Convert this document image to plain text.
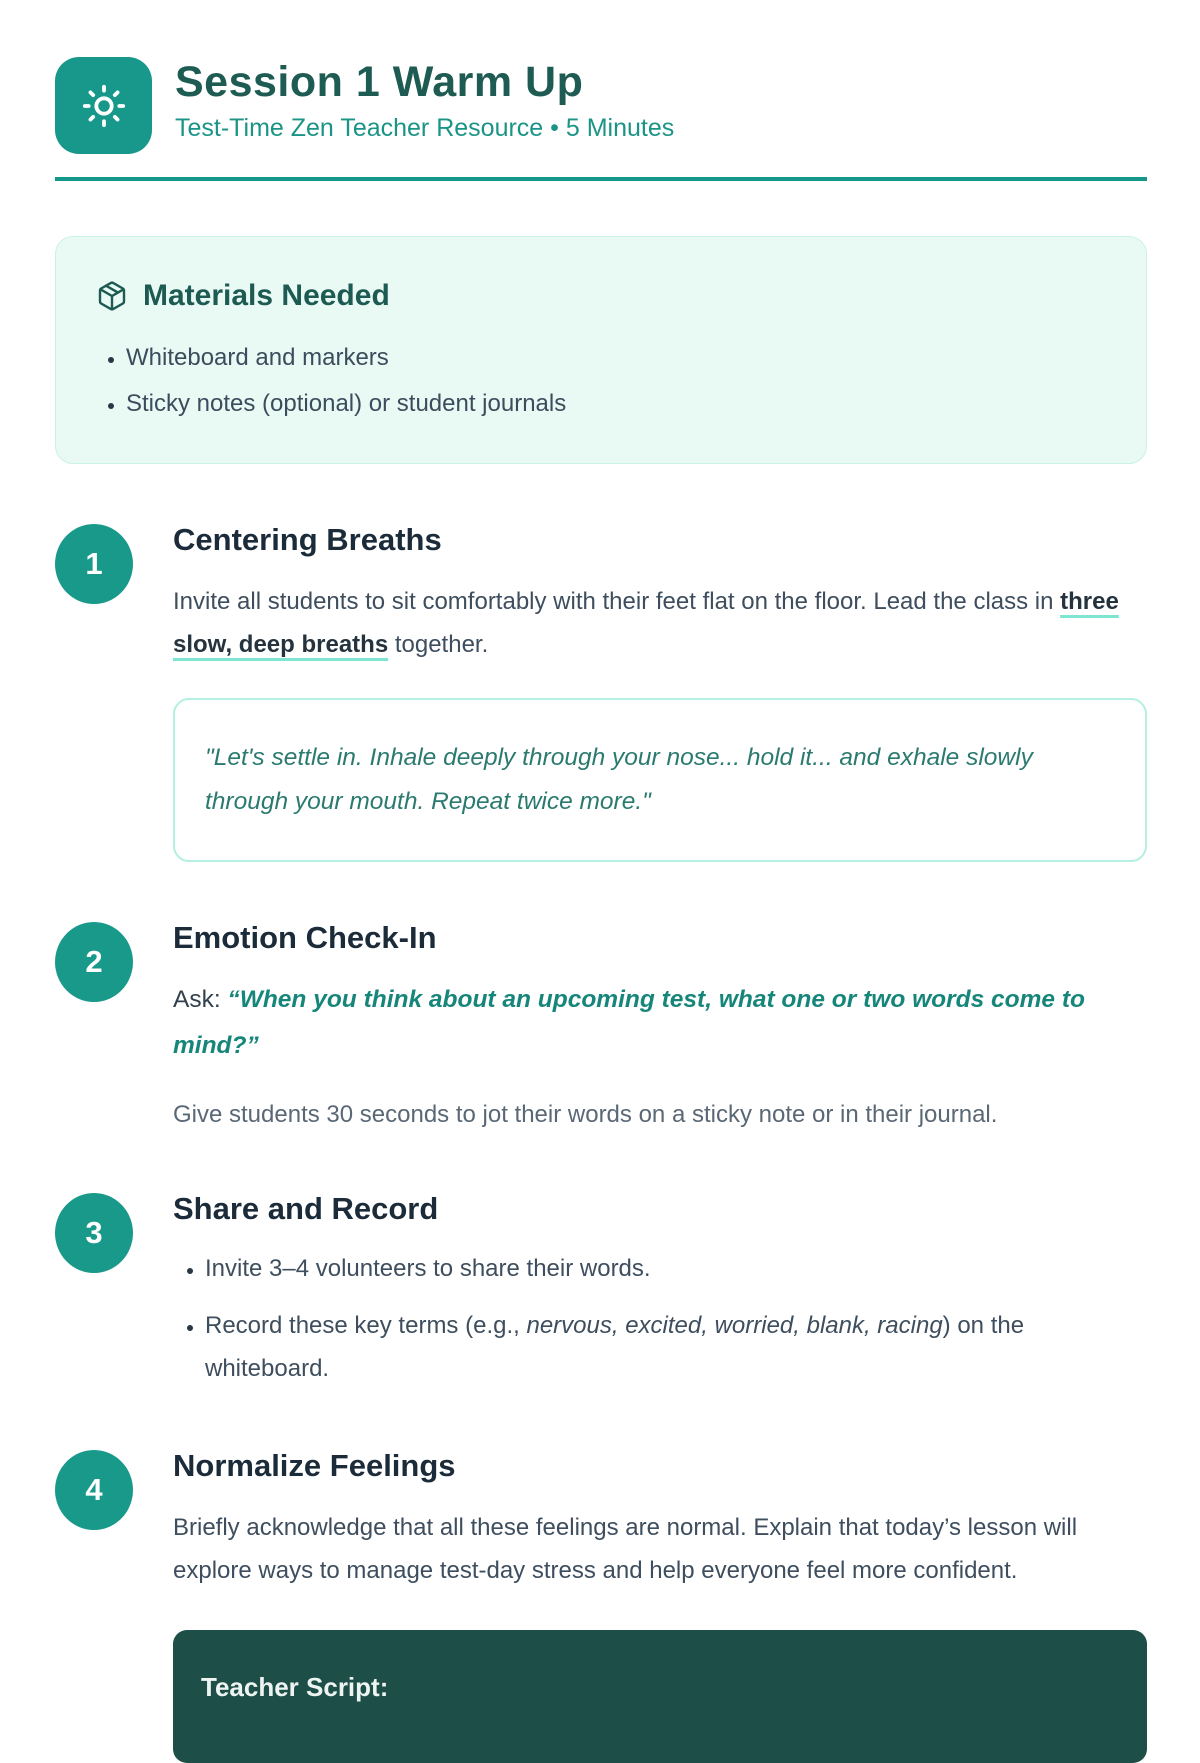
Session 1 Warm Up
Test-Time Zen Teacher Resource • 5 Minutes
Materials Needed
• Whiteboard and markers
• Sticky notes (optional) or student journals
1
Centering Breaths
Invite all students to sit comfortably with their feet flat on the floor. Lead the class in three slow, deep breaths together.
"Let's settle in. Inhale deeply through your nose... hold it... and exhale slowly through your mouth. Repeat twice more."
2
Emotion Check-In
Ask: “When you think about an upcoming test, what one or two words come to mind?”
Give students 30 seconds to jot their words on a sticky note or in their journal.
3
Share and Record
• Invite 3–4 volunteers to share their words.
• Record these key terms (e.g., nervous, excited, worried, blank, racing) on the whiteboard.
4
Normalize Feelings
Briefly acknowledge that all these feelings are normal. Explain that today’s lesson will explore ways to manage test-day stress and help everyone feel more confident.
Teacher Script:
